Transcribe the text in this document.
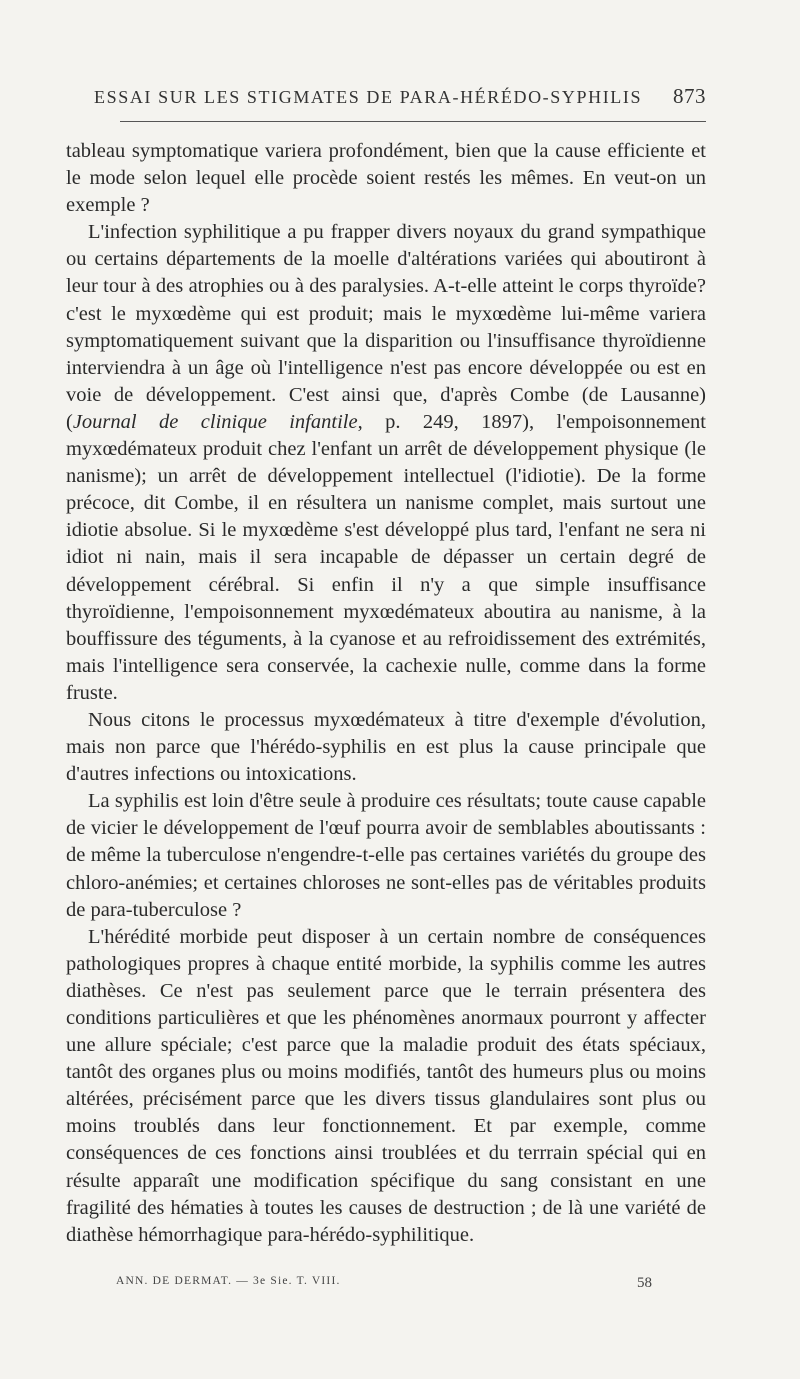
ESSAI SUR LES STIGMATES DE PARA-HÉRÉDO-SYPHILIS 873

tableau symptomatique variera profondément, bien que la cause efficiente et le mode selon lequel elle procède soient restés les mêmes. En veut-on un exemple ?

L'infection syphilitique a pu frapper divers noyaux du grand sympathique ou certains départements de la moelle d'altérations variées qui aboutiront à leur tour à des atrophies ou à des paralysies. A-t-elle atteint le corps thyroïde? c'est le myxœdème qui est produit; mais le myxœdème lui-même variera symptomatiquement suivant que la disparition ou l'insuffisance thyroïdienne interviendra à un âge où l'intelligence n'est pas encore développée ou est en voie de développement. C'est ainsi que, d'après Combe (de Lausanne) (Journal de clinique infantile, p. 249, 1897), l'empoisonnement myxœdémateux produit chez l'enfant un arrêt de développement physique (le nanisme); un arrêt de développement intellectuel (l'idiotie). De la forme précoce, dit Combe, il en résultera un nanisme complet, mais surtout une idiotie absolue. Si le myxœdème s'est développé plus tard, l'enfant ne sera ni idiot ni nain, mais il sera incapable de dépasser un certain degré de développement cérébral. Si enfin il n'y a que simple insuffisance thyroïdienne, l'empoisonnement myxœdémateux aboutira au nanisme, à la bouffissure des téguments, à la cyanose et au refroidissement des extrémités, mais l'intelligence sera conservée, la cachexie nulle, comme dans la forme fruste.

Nous citons le processus myxœdémateux à titre d'exemple d'évolution, mais non parce que l'hérédo-syphilis en est plus la cause principale que d'autres infections ou intoxications.

La syphilis est loin d'être seule à produire ces résultats; toute cause capable de vicier le développement de l'œuf pourra avoir de semblables aboutissants : de même la tuberculose n'engendre-t-elle pas certaines variétés du groupe des chloro-anémies; et certaines chloroses ne sont-elles pas de véritables produits de para-tuberculose ?

L'hérédité morbide peut disposer à un certain nombre de conséquences pathologiques propres à chaque entité morbide, la syphilis comme les autres diathèses. Ce n'est pas seulement parce que le terrain présentera des conditions particulières et que les phénomènes anormaux pourront y affecter une allure spéciale; c'est parce que la maladie produit des états spéciaux, tantôt des organes plus ou moins modifiés, tantôt des humeurs plus ou moins altérées, précisément parce que les divers tissus glandulaires sont plus ou moins troublés dans leur fonctionnement. Et par exemple, comme conséquences de ces fonctions ainsi troublées et du terrrain spécial qui en résulte apparaît une modification spécifique du sang consistant en une fragilité des hématies à toutes les causes de destruction ; de là une variété de diathèse hémorrhagique para-hérédo-syphilitique.

ANN. DE DERMAT. — 3e Sie. T. VIII.	58
